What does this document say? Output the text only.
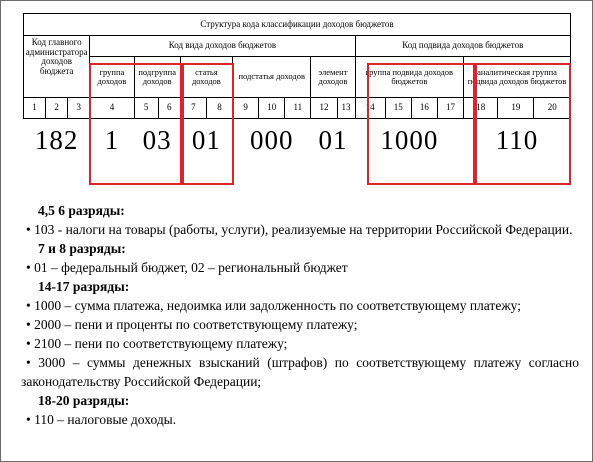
Структура кода классификации доходов бюджетов																			
Код главного администратора доходов бюджета			Код вида доходов бюджетов										Код подвида доходов бюджетов						
			группа доходов	подгруппа доходов		статья доходов		подстатья доходов			элемент доходов		группа подвида доходов бюджетов				аналитическая группа подвида доходов бюджетов		
1	2	3	4	5	6	7	8	9	10	11	12	13	14	15	16	17	18	19	20
182			1	03		01		000			01		1000				110		

4,5 6 разряды:

• 103 - налоги на товары (работы, услуги), реализуемые на территории Российской Федерации.

7 и 8 разряды:

• 01 – федеральный бюджет, 02 – региональный бюджет

14-17 разряды:

• 1000 – сумма платежа, недоимка или задолженность по соответствующему платежу;

• 2000 – пени и проценты по соответствующему платежу;

• 2100 – пени по соответствующему платежу;

• 3000 – суммы денежных взысканий (штрафов) по соответствующему платежу согласно законодательству Российской Федерации;

18-20 разряды:

• 110 – налоговые доходы.
